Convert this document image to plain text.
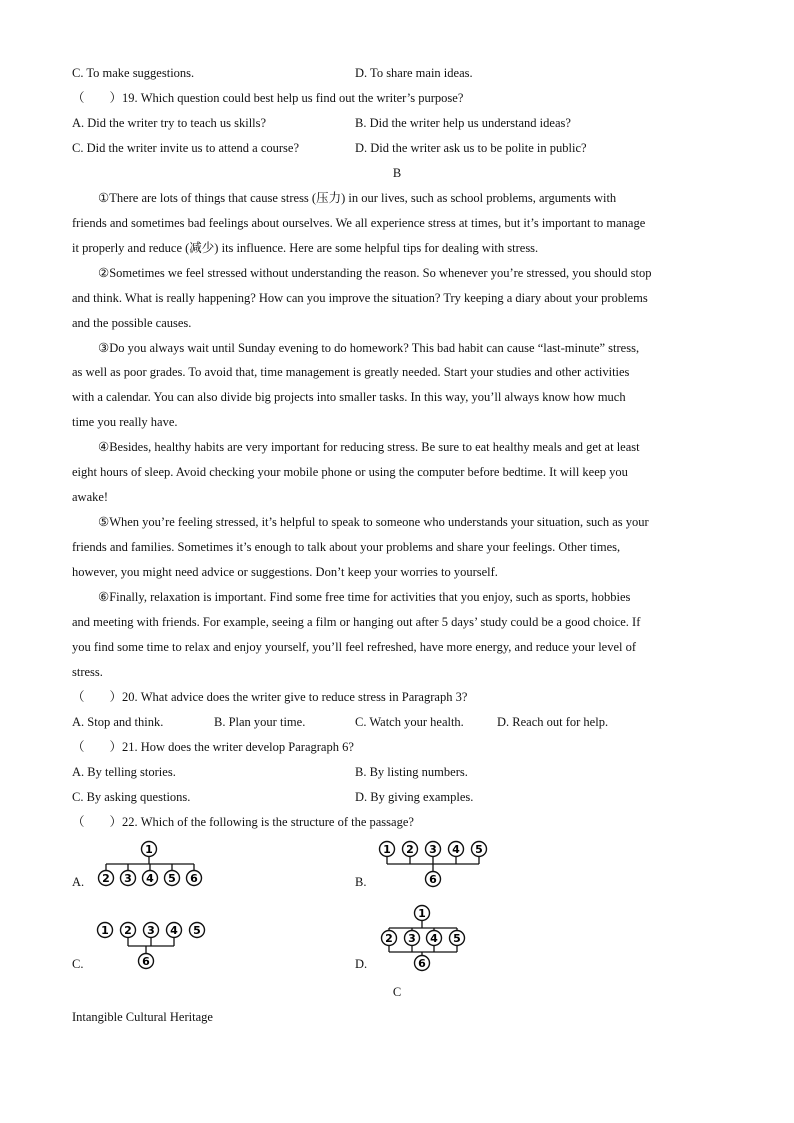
C. To make suggestions.	D. To share main ideas.
（　　）19. Which question could best help us find out the writer’s purpose?
A. Did the writer try to teach us skills?	B. Did the writer help us understand ideas?
C. Did the writer invite us to attend a course?	D. Did the writer ask us to be polite in public?
B
①There are lots of things that cause stress (压力) in our lives, such as school problems, arguments with
friends and sometimes bad feelings about ourselves. We all experience stress at times, but it’s important to manage
it properly and reduce (减少) its influence. Here are some helpful tips for dealing with stress.
②Sometimes we feel stressed without understanding the reason. So whenever you’re stressed, you should stop
and think. What is really happening? How can you improve the situation? Try keeping a diary about your problems
and the possible causes.
③Do you always wait until Sunday evening to do homework? This bad habit can cause “last-minute” stress,
as well as poor grades. To avoid that, time management is greatly needed. Start your studies and other activities
with a calendar. You can also divide big projects into smaller tasks. In this way, you’ll always know how much
time you really have.
④Besides, healthy habits are very important for reducing stress. Be sure to eat healthy meals and get at least
eight hours of sleep. Avoid checking your mobile phone or using the computer before bedtime. It will keep you
awake!
⑤When you’re feeling stressed, it’s helpful to speak to someone who understands your situation, such as your
friends and families. Sometimes it’s enough to talk about your problems and share your feelings. Other times,
however, you might need advice or suggestions. Don’t keep your worries to yourself.
⑥Finally, relaxation is important. Find some free time for activities that you enjoy, such as sports, hobbies
and meeting with friends. For example, seeing a film or hanging out after 5 days’ study could be a good choice. If
you find some time to relax and enjoy yourself, you’ll feel refreshed, have more energy, and reduce your level of
stress.
（　　）20. What advice does the writer give to reduce stress in Paragraph 3?
A. Stop and think.	B. Plan your time.	C. Watch your health.	D. Reach out for help.
（　　）21. How does the writer develop Paragraph 6?
A. By telling stories.	B. By listing numbers.
C. By asking questions.	D. By giving examples.
（　　）22. Which of the following is the structure of the passage?
A.
1
2 3 4 5 6	B.
1 2 3 4 5
6
C.
1 2 3 4 5
6	D.
1
2 3 4 5
6
C
Intangible Cultural Heritage
